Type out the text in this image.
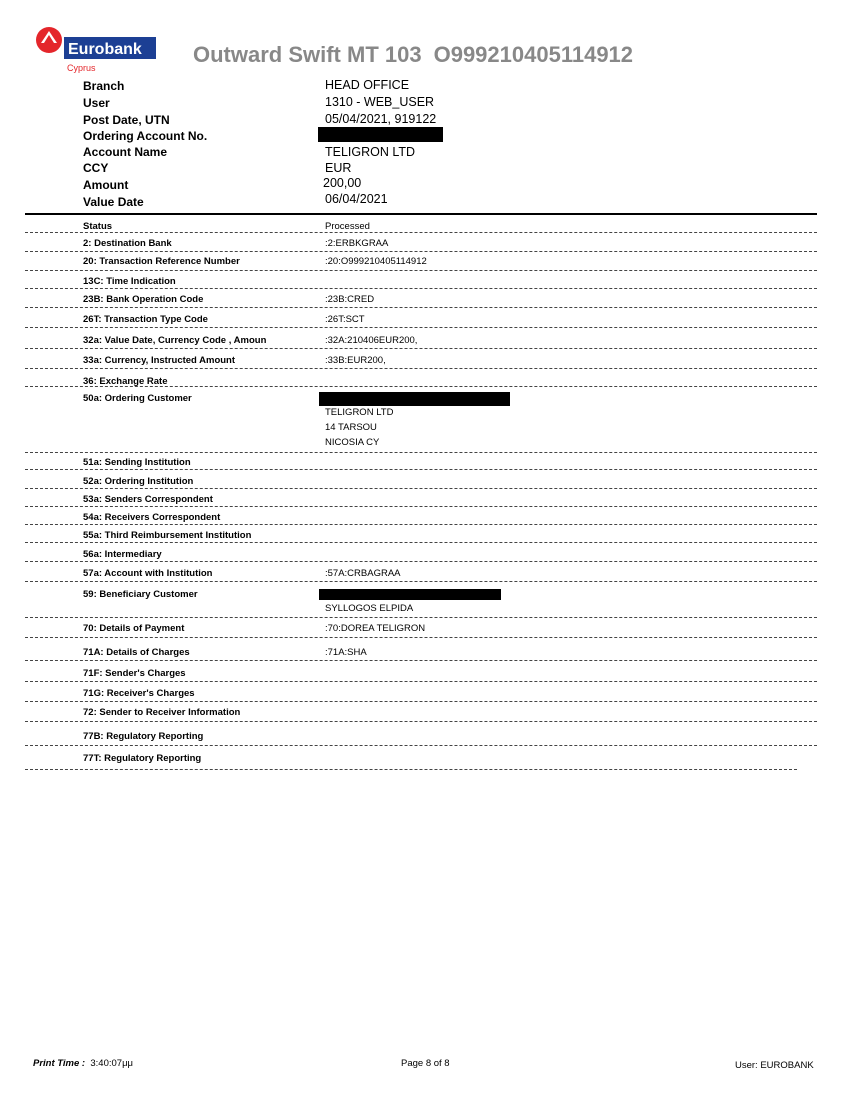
Eurobank
Cyprus
Outward Swift MT 103 O999210405114912
Branch	HEAD OFFICE
User	1310 - WEB_USER
Post Date, UTN	05/04/2021, 919122
Ordering Account No.
Account Name	TELIGRON LTD
CCY	EUR
Amount	200,00
Value Date	06/04/2021
Status	Processed
2: Destination Bank	:2:ERBKGRAA
20: Transaction Reference Number	:20:O999210405114912
13C: Time Indication
23B: Bank Operation Code	:23B:CRED
26T: Transaction Type Code	:26T:SCT
32a: Value Date, Currency Code , Amoun	:32A:210406EUR200,
33a: Currency, Instructed Amount	:33B:EUR200,
36: Exchange Rate
50a: Ordering Customer
TELIGRON LTD
14 TARSOU
NICOSIA CY
51a: Sending Institution
52a: Ordering Institution
53a: Senders Correspondent
54a: Receivers Correspondent
55a: Third Reimbursement Institution
56a: Intermediary
57a: Account with Institution	:57A:CRBAGRAA
59: Beneficiary Customer
SYLLOGOS ELPIDA
70: Details of Payment	:70:DOREA TELIGRON
71A: Details of Charges	:71A:SHA
71F: Sender's Charges
71G: Receiver's Charges
72: Sender to Receiver Information
77B: Regulatory Reporting
77T: Regulatory Reporting
Print Time : 3:40:07μμ	Page 8 of 8	User: EUROBANK
